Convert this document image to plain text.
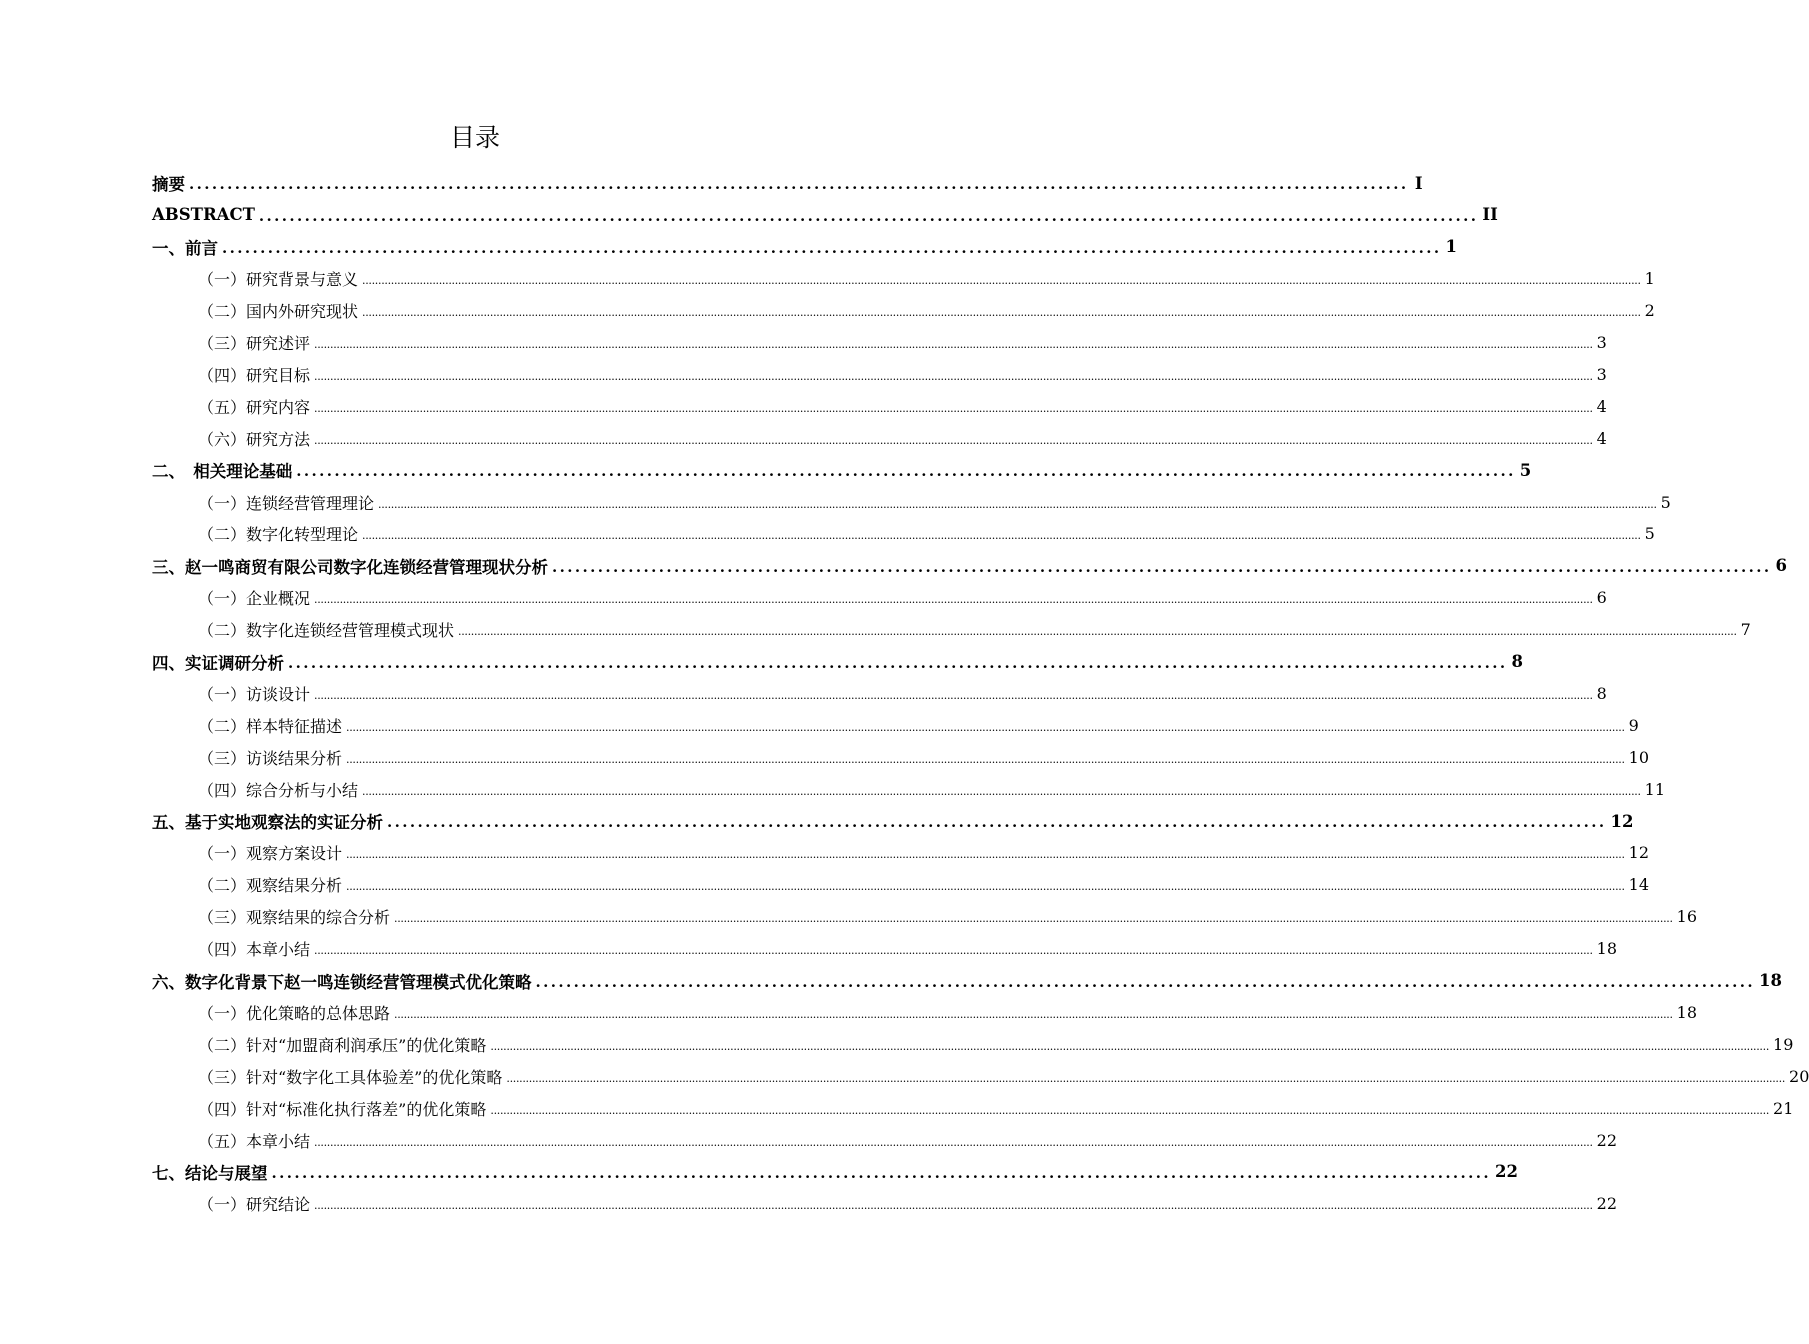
目录
摘要 ................................................................................................................................................................ I
ABSTRACT ................................................................................................................................................................ II
一、前言 ................................................................................................................................................................ 1
（一）研究背景与意义 ................................................................................................................................................................................................................................................................................................................................................................................................................ 1
（二）国内外研究现状 ................................................................................................................................................................................................................................................................................................................................................................................................................ 2
（三）研究述评 ................................................................................................................................................................................................................................................................................................................................................................................................................ 3
（四）研究目标 ................................................................................................................................................................................................................................................................................................................................................................................................................ 3
（五）研究内容 ................................................................................................................................................................................................................................................................................................................................................................................................................ 4
（六）研究方法 ................................................................................................................................................................................................................................................................................................................................................................................................................ 4
二、　相关理论基础 ................................................................................................................................................................ 5
（一）连锁经营管理理论 ................................................................................................................................................................................................................................................................................................................................................................................................................ 5
（二）数字化转型理论 ................................................................................................................................................................................................................................................................................................................................................................................................................ 5
三、赵一鸣商贸有限公司数字化连锁经营管理现状分析 ................................................................................................................................................................ 6
（一）企业概况 ................................................................................................................................................................................................................................................................................................................................................................................................................ 6
（二）数字化连锁经营管理模式现状 ................................................................................................................................................................................................................................................................................................................................................................................................................ 7
四、实证调研分析 ................................................................................................................................................................ 8
（一）访谈设计 ................................................................................................................................................................................................................................................................................................................................................................................................................ 8
（二）样本特征描述 ................................................................................................................................................................................................................................................................................................................................................................................................................ 9
（三）访谈结果分析 ................................................................................................................................................................................................................................................................................................................................................................................................................ 10
（四）综合分析与小结 ................................................................................................................................................................................................................................................................................................................................................................................................................ 11
五、基于实地观察法的实证分析 ................................................................................................................................................................ 12
（一）观察方案设计 ................................................................................................................................................................................................................................................................................................................................................................................................................ 12
（二）观察结果分析 ................................................................................................................................................................................................................................................................................................................................................................................................................ 14
（三）观察结果的综合分析 ................................................................................................................................................................................................................................................................................................................................................................................................................ 16
（四）本章小结 ................................................................................................................................................................................................................................................................................................................................................................................................................ 18
六、数字化背景下赵一鸣连锁经营管理模式优化策略 ................................................................................................................................................................ 18
（一）优化策略的总体思路 ................................................................................................................................................................................................................................................................................................................................................................................................................ 18
（二）针对“加盟商利润承压”的优化策略 ................................................................................................................................................................................................................................................................................................................................................................................................................ 19
（三）针对“数字化工具体验差”的优化策略 ................................................................................................................................................................................................................................................................................................................................................................................................................ 20
（四）针对“标准化执行落差”的优化策略 ................................................................................................................................................................................................................................................................................................................................................................................................................ 21
（五）本章小结 ................................................................................................................................................................................................................................................................................................................................................................................................................ 22
七、结论与展望 ................................................................................................................................................................ 22
（一）研究结论 ................................................................................................................................................................................................................................................................................................................................................................................................................ 22
